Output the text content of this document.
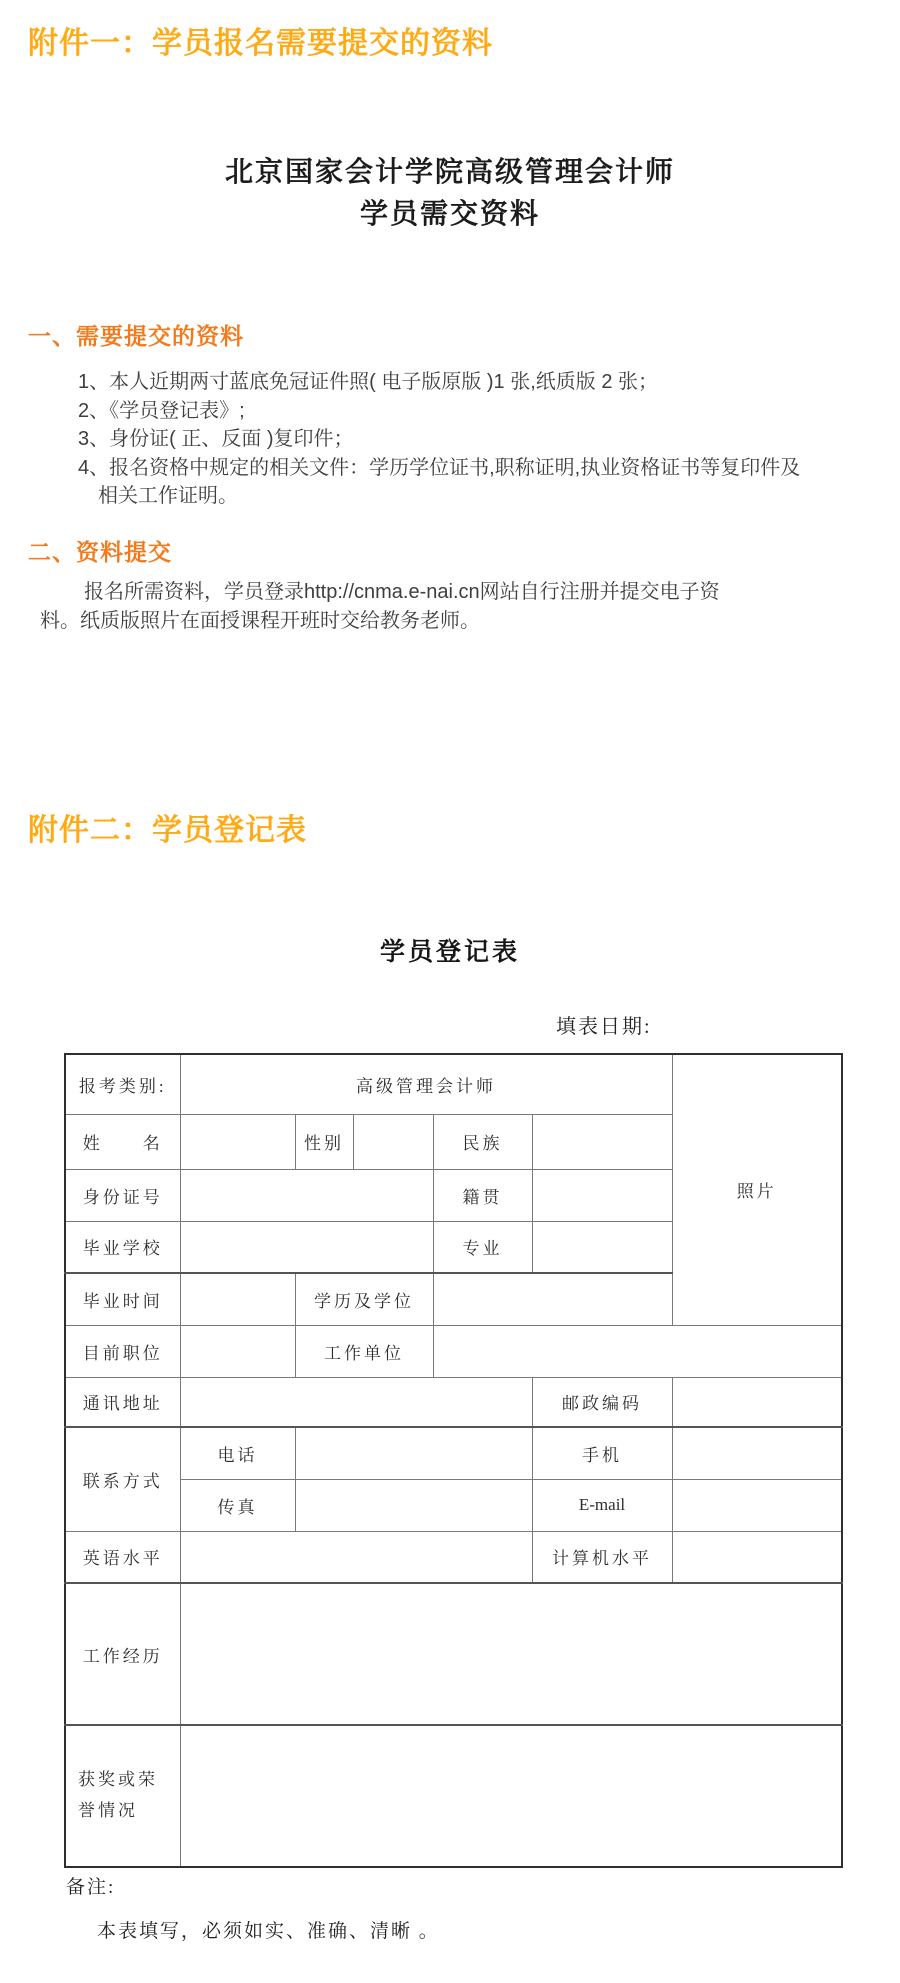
附件一：学员报名需要提交的资料
北京国家会计学院高级管理会计师
学员需交资料
一、需要提交的资料
1、本人近期两寸蓝底免冠证件照( 电子版原版 )1 张,纸质版 2 张；
2、《学员登记表》;
3、身份证( 正、反面 )复印件；
4、报名资格中规定的相关文件：学历学位证书,职称证明,执业资格证书等复印件及相关工作证明。
二、资料提交
报名所需资料，学员登录http://cnma.e-nai.cn网站自行注册并提交电子资
料。纸质版照片在面授课程开班时交给教务老师。
附件二：学员登记表
学员登记表
填表日期:
报考类别:	高级管理会计师					照片
姓　　名		性别		民族		
身份证号				籍贯		
毕业学校				专业		
毕业时间		学历及学位				
目前职位		工作单位				
通讯地址					邮政编码	
联系方式	电话				手机	
	传真				E-mail	
英语水平					计算机水平	
工作经历						
获奖或荣誉情况						
备注:
本表填写，必须如实、准确、清晰 。
